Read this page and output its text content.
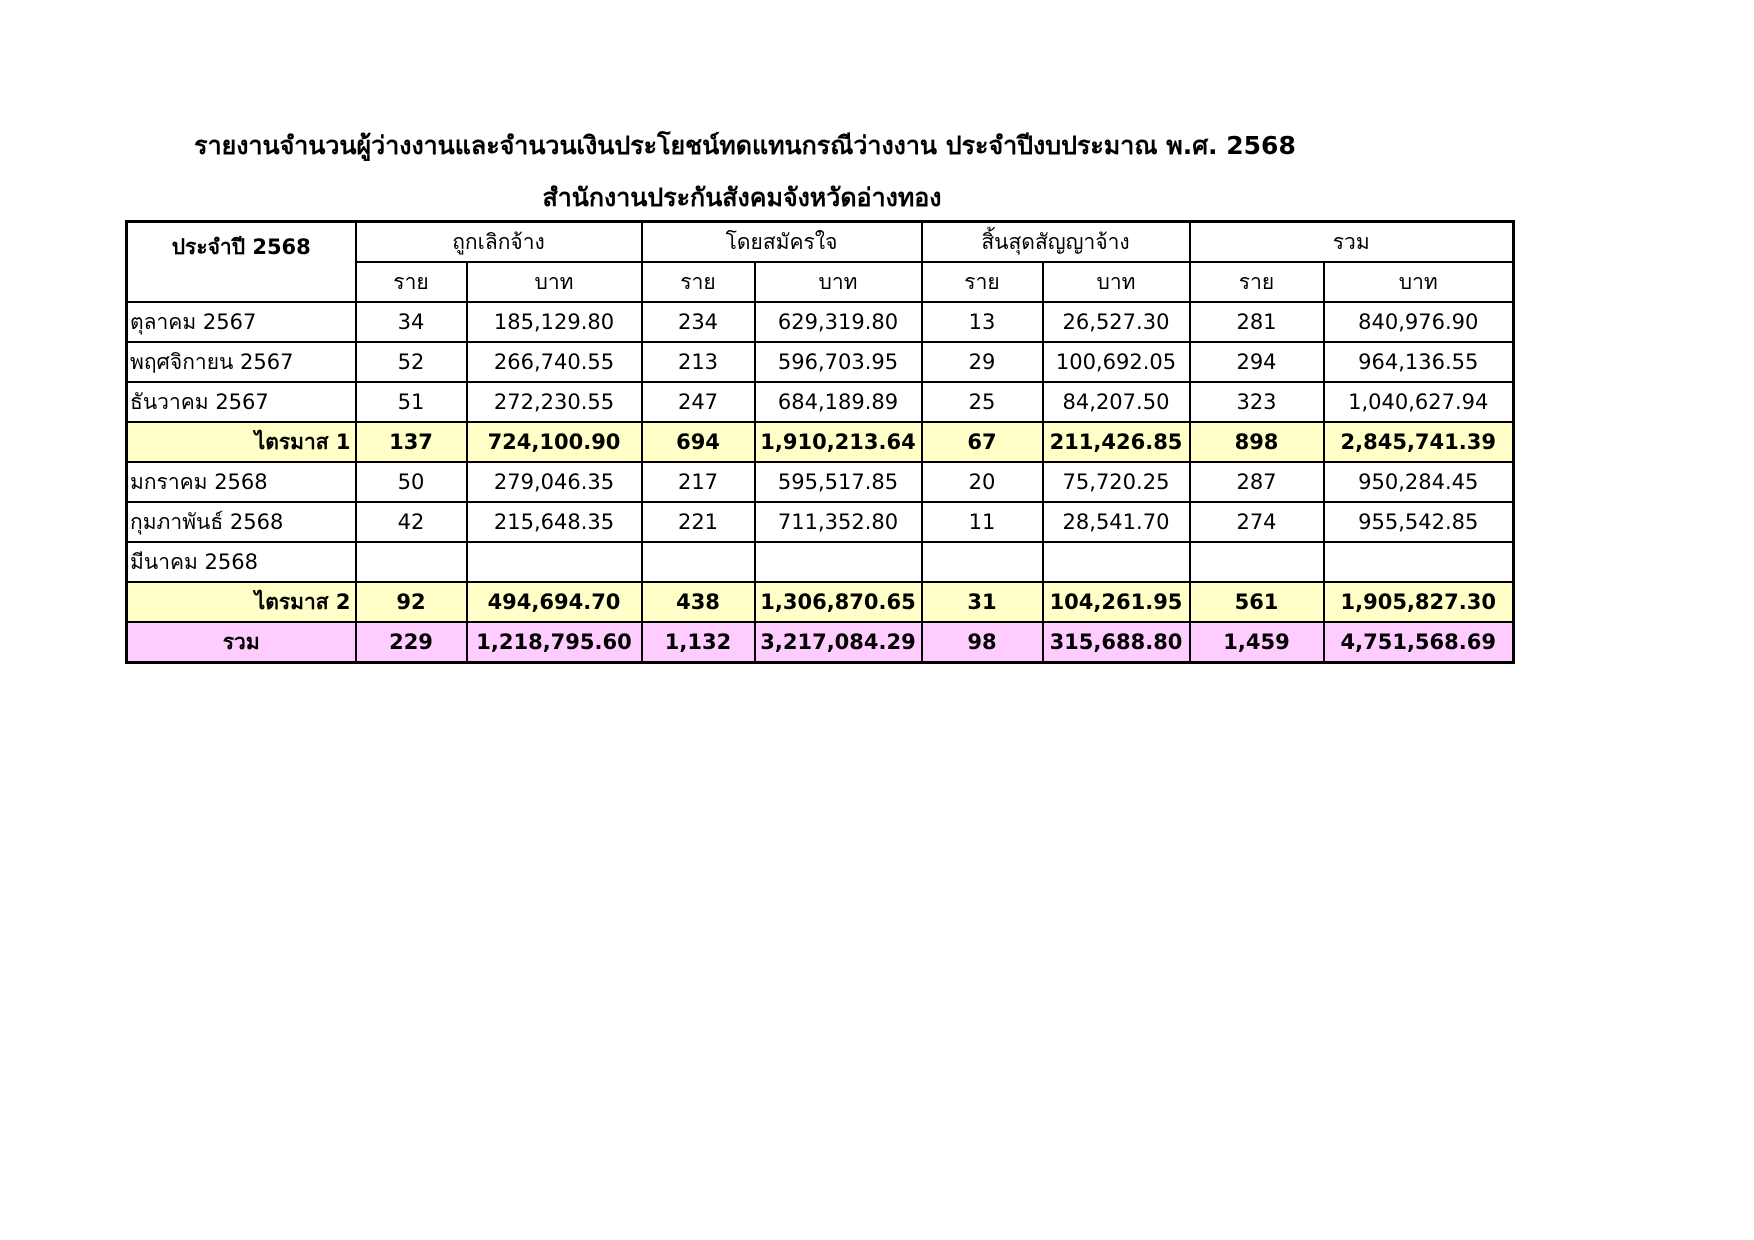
รายงานจำนวนผู้ว่างงานและจำนวนเงินประโยชน์ทดแทนกรณีว่างงาน ประจำปีงบประมาณ พ.ศ. 2568
สำนักงานประกันสังคมจังหวัดอ่างทอง
ประจำปี 2568	ถูกเลิกจ้าง		โดยสมัครใจ		สิ้นสุดสัญญาจ้าง		รวม	
	ราย	บาท	ราย	บาท	ราย	บาท	ราย	บาท
ตุลาคม 2567	34	185,129.80	234	629,319.80	13	26,527.30	281	840,976.90
พฤศจิกายน 2567	52	266,740.55	213	596,703.95	29	100,692.05	294	964,136.55
ธันวาคม 2567	51	272,230.55	247	684,189.89	25	84,207.50	323	1,040,627.94
ไตรมาส 1	137	724,100.90	694	1,910,213.64	67	211,426.85	898	2,845,741.39
มกราคม 2568	50	279,046.35	217	595,517.85	20	75,720.25	287	950,284.45
กุมภาพันธ์ 2568	42	215,648.35	221	711,352.80	11	28,541.70	274	955,542.85
มีนาคม 2568								
ไตรมาส 2	92	494,694.70	438	1,306,870.65	31	104,261.95	561	1,905,827.30
รวม	229	1,218,795.60	1,132	3,217,084.29	98	315,688.80	1,459	4,751,568.69
